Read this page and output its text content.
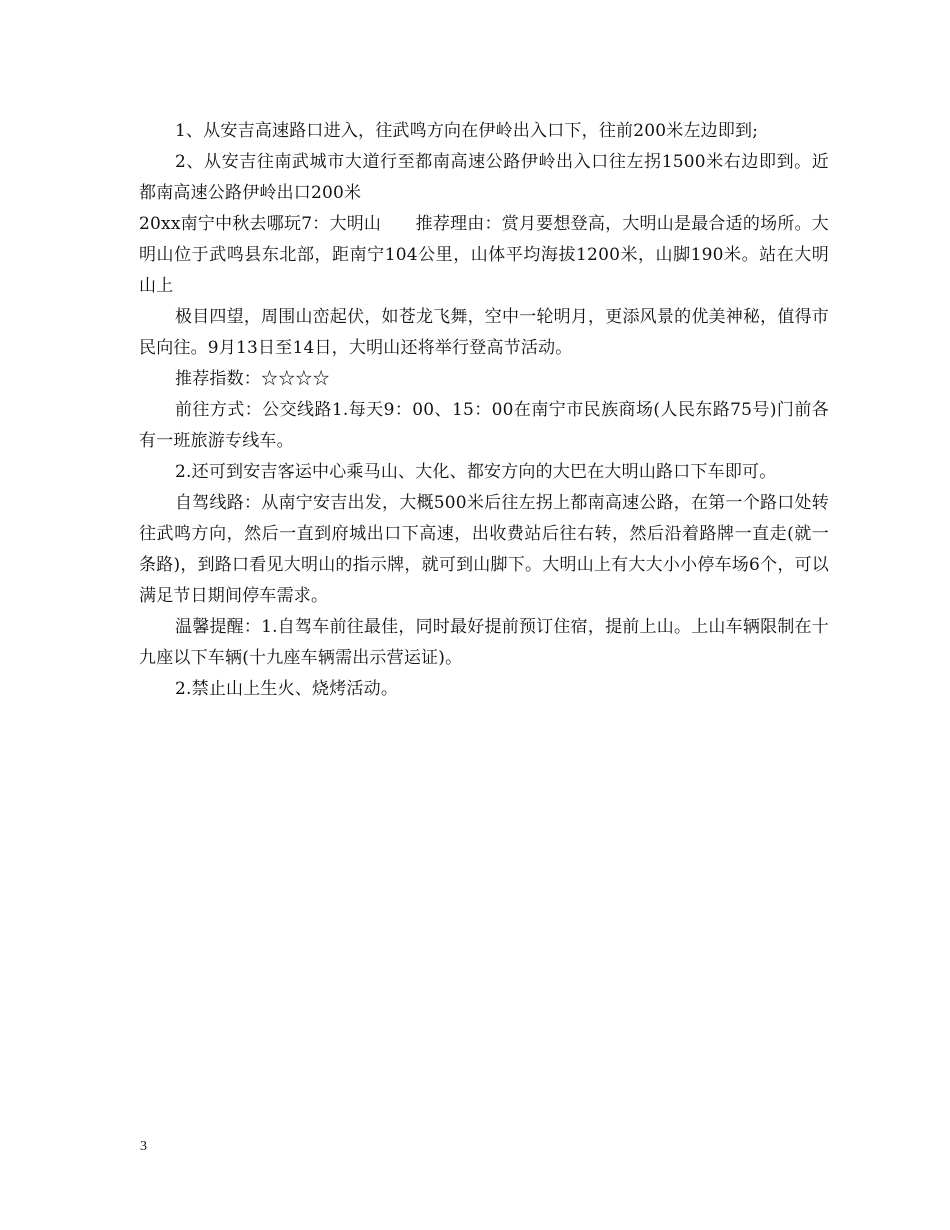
1、从安吉高速路口进入，往武鸣方向在伊岭出入口下，往前200米左边即到;

2、从安吉往南武城市大道行至都南高速公路伊岭出入口往左拐1500米右边即到。近都南高速公路伊岭出口200米

20xx南宁中秋去哪玩7：大明山　　推荐理由：赏月要想登高，大明山是最合适的场所。大明山位于武鸣县东北部，距南宁104公里，山体平均海拔1200米，山脚190米。站在大明山上

极目四望，周围山峦起伏，如苍龙飞舞，空中一轮明月，更添风景的优美神秘，值得市民向往。9月13日至14日，大明山还将举行登高节活动。

推荐指数：☆☆☆☆

前往方式：公交线路1.每天9：00、15：00在南宁市民族商场(人民东路75号)门前各有一班旅游专线车。

2.还可到安吉客运中心乘马山、大化、都安方向的大巴在大明山路口下车即可。

自驾线路：从南宁安吉出发，大概500米后往左拐上都南高速公路，在第一个路口处转往武鸣方向，然后一直到府城出口下高速，出收费站后往右转，然后沿着路牌一直走(就一条路)，到路口看见大明山的指示牌，就可到山脚下。大明山上有大大小小停车场6个，可以满足节日期间停车需求。

温馨提醒：1.自驾车前往最佳，同时最好提前预订住宿，提前上山。上山车辆限制在十九座以下车辆(十九座车辆需出示营运证)。

2.禁止山上生火、烧烤活动。

3
